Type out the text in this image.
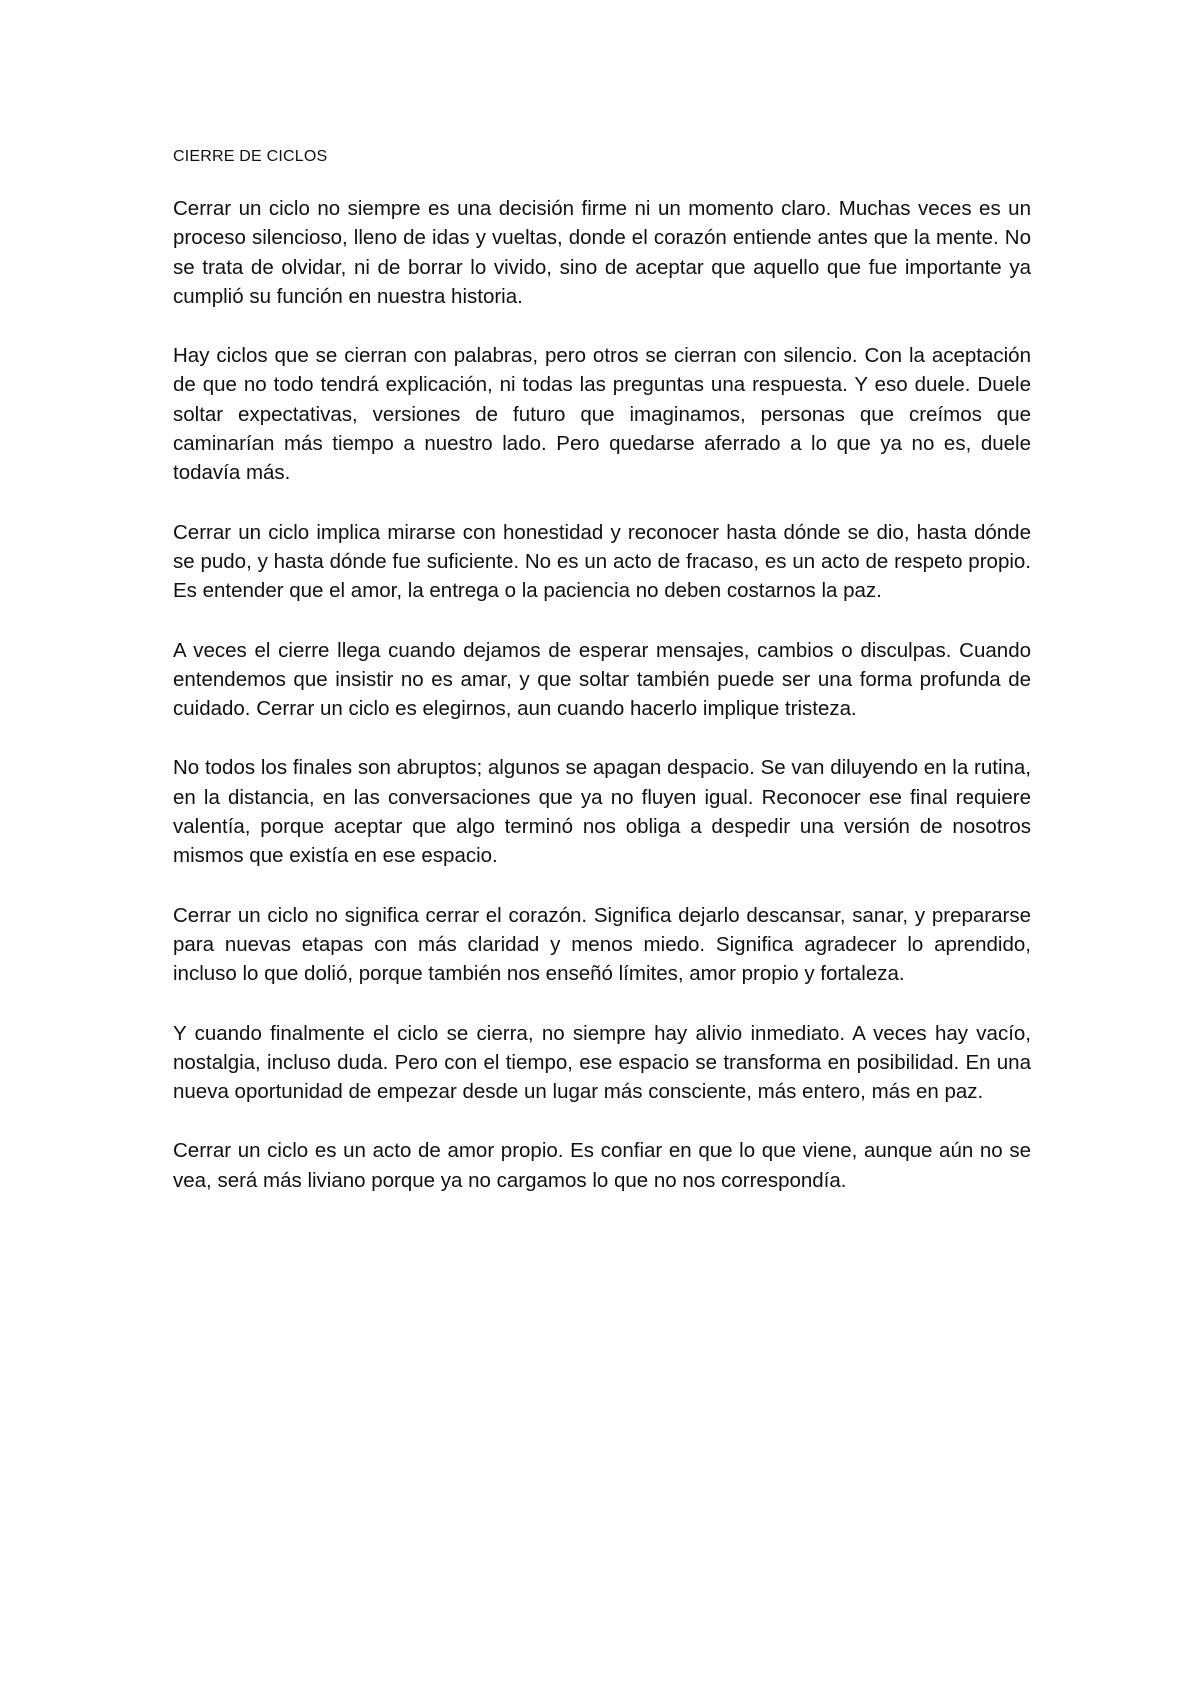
CIERRE DE CICLOS

Cerrar un ciclo no siempre es una decisión firme ni un momento claro. Muchas veces es un proceso silencioso, lleno de idas y vueltas, donde el corazón entiende antes que la mente. No se trata de olvidar, ni de borrar lo vivido, sino de aceptar que aquello que fue importante ya cumplió su función en nuestra historia.

Hay ciclos que se cierran con palabras, pero otros se cierran con silencio. Con la aceptación de que no todo tendrá explicación, ni todas las preguntas una respuesta. Y eso duele. Duele soltar expectativas, versiones de futuro que imaginamos, personas que creímos que caminarían más tiempo a nuestro lado. Pero quedarse aferrado a lo que ya no es, duele todavía más.

Cerrar un ciclo implica mirarse con honestidad y reconocer hasta dónde se dio, hasta dónde se pudo, y hasta dónde fue suficiente. No es un acto de fracaso, es un acto de respeto propio. Es entender que el amor, la entrega o la paciencia no deben costarnos la paz.

A veces el cierre llega cuando dejamos de esperar mensajes, cambios o disculpas. Cuando entendemos que insistir no es amar, y que soltar también puede ser una forma profunda de cuidado. Cerrar un ciclo es elegirnos, aun cuando hacerlo implique tristeza.

No todos los finales son abruptos; algunos se apagan despacio. Se van diluyendo en la rutina, en la distancia, en las conversaciones que ya no fluyen igual. Reconocer ese final requiere valentía, porque aceptar que algo terminó nos obliga a despedir una versión de nosotros mismos que existía en ese espacio.

Cerrar un ciclo no significa cerrar el corazón. Significa dejarlo descansar, sanar, y prepararse para nuevas etapas con más claridad y menos miedo. Significa agradecer lo aprendido, incluso lo que dolió, porque también nos enseñó límites, amor propio y fortaleza.

Y cuando finalmente el ciclo se cierra, no siempre hay alivio inmediato. A veces hay vacío, nostalgia, incluso duda. Pero con el tiempo, ese espacio se transforma en posibilidad. En una nueva oportunidad de empezar desde un lugar más consciente, más entero, más en paz.

Cerrar un ciclo es un acto de amor propio. Es confiar en que lo que viene, aunque aún no se vea, será más liviano porque ya no cargamos lo que no nos correspondía.
